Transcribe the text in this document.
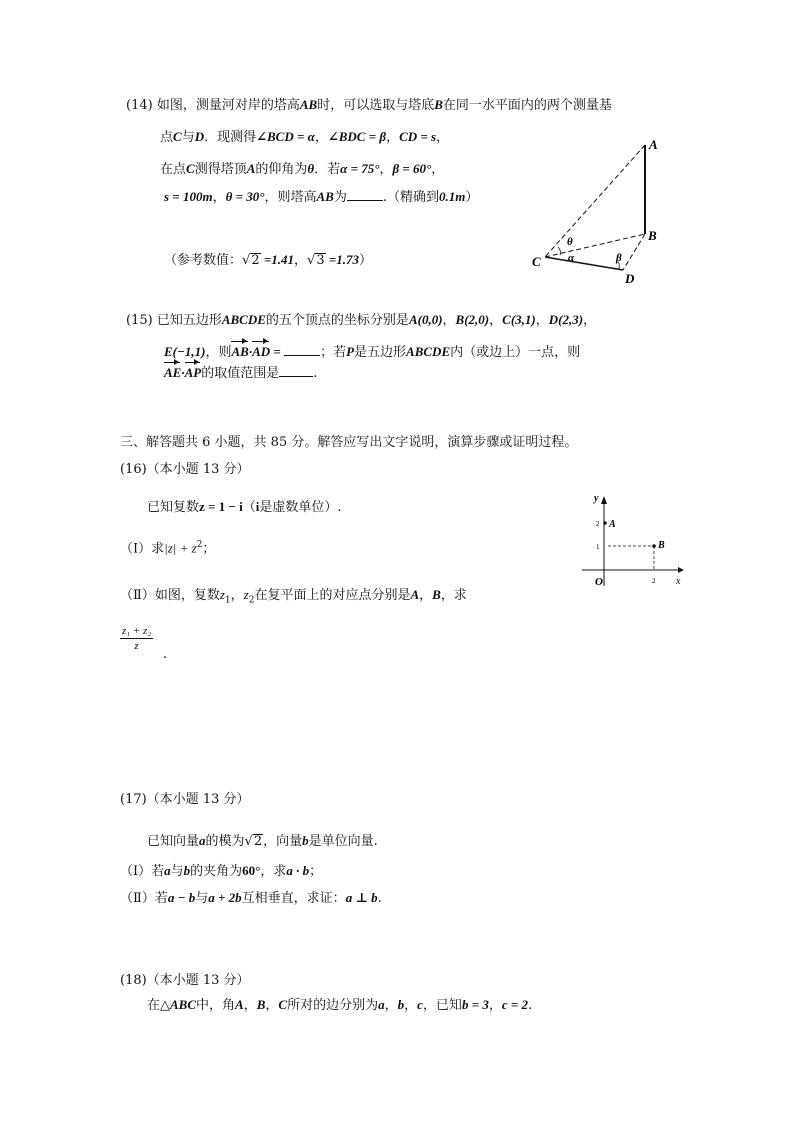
(14) 如图，测量河对岸的塔高AB时，可以选取与塔底B在同一水平面内的两个测量基
点C与D．现测得∠BCD = α，∠BDC = β，CD = s，
在点C测得塔顶A的仰角为θ．若α = 75°，β = 60°，
s = 100m，θ = 30°，则塔高AB为	.（精确到0.1m）
（参考数值：√2 =1.41，√3 =1.73）
A
B
C
D
θ
α	β
(15) 已知五边形ABCDE的五个顶点的坐标分别是A(0,0)，B(2,0)，C(3,1)，D(2,3)，
E(−1,1)，则AB·AD =	；若P是五边形ABCDE内（或边上）一点，则
AE·AP的取值范围是	.
三、解答题共 6 小题，共 85 分。解答应写出文字说明，演算步骤或证明过程。
(16)（本小题 13 分）
已知复数z = 1 − i（i是虚数单位）.
（Ⅰ）求$|z| + z^2$；
（Ⅱ）如图，复数$z_1$，$z_2$在复平面上的对应点分别是A，B，求
$\frac{\text{z₁ + z₂}}{z}$
.
y
x
O
A
B
2
1
2
(17)（本小题 13 分）
已知向量a的模为√2，向量b是单位向量.
（Ⅰ）若a与b的夹角为60°，求a · b；
（Ⅱ）若a − b与a + 2b互相垂直，求证：a ⊥ b.
(18)（本小题 13 分）
在△ABC中，角A，B，C所对的边分别为a，b，c，已知b = 3，c = 2.
